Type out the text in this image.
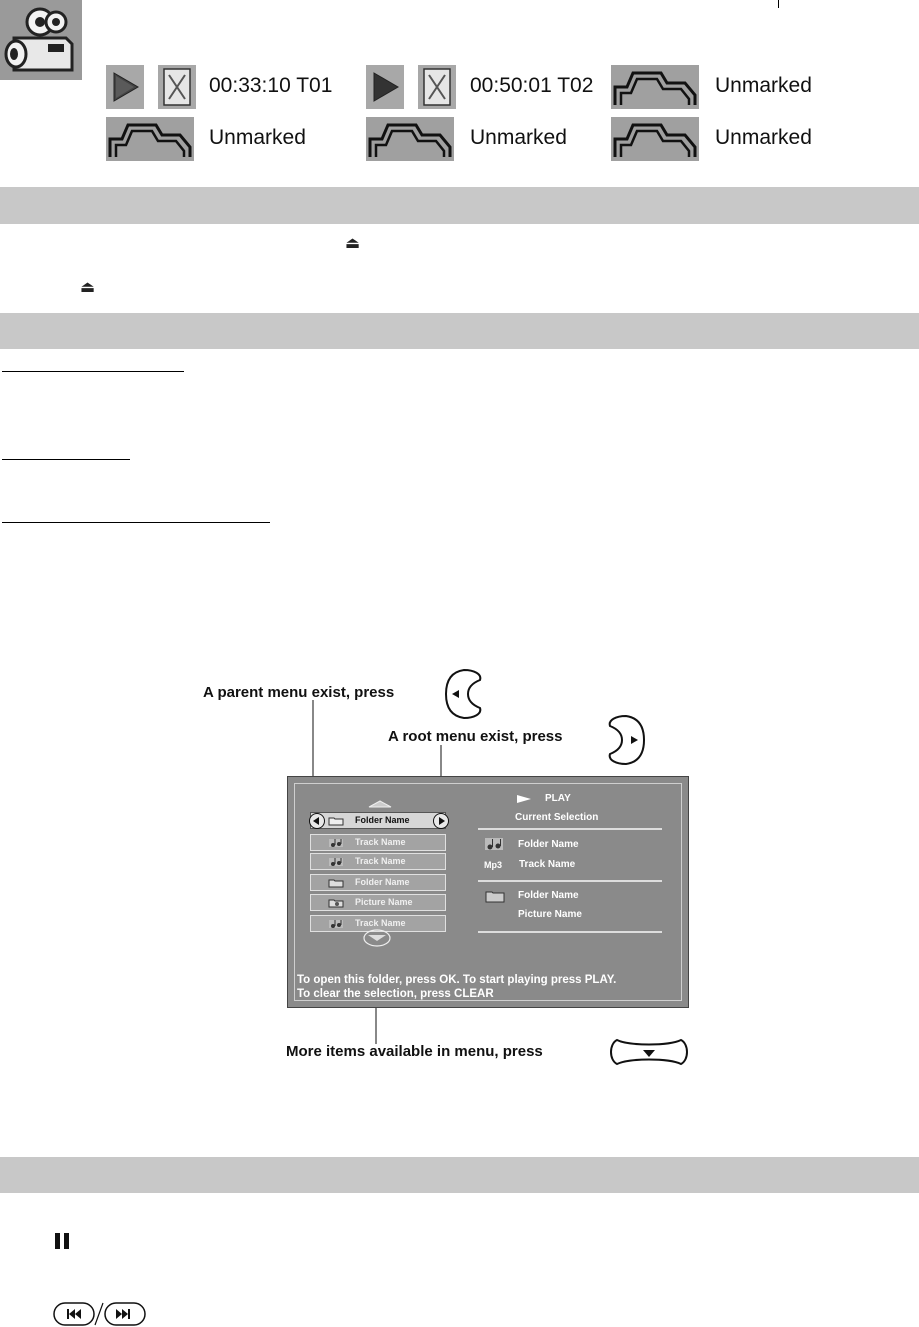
00:33:10 T01	00:50:01 T02	Unmarked
Unmarked	Unmarked	Unmarked
⏏
⏏
A parent menu exist, press
A root menu exist, press
Folder Name
Track Name
Track Name
Folder Name
Picture Name
Track Name
PLAY
Current Selection
Folder Name
Mp3 Track Name
Folder Name
Picture Name
To open this folder, press OK. To start playing press PLAY.
To clear the selection, press CLEAR
More items available in menu, press
